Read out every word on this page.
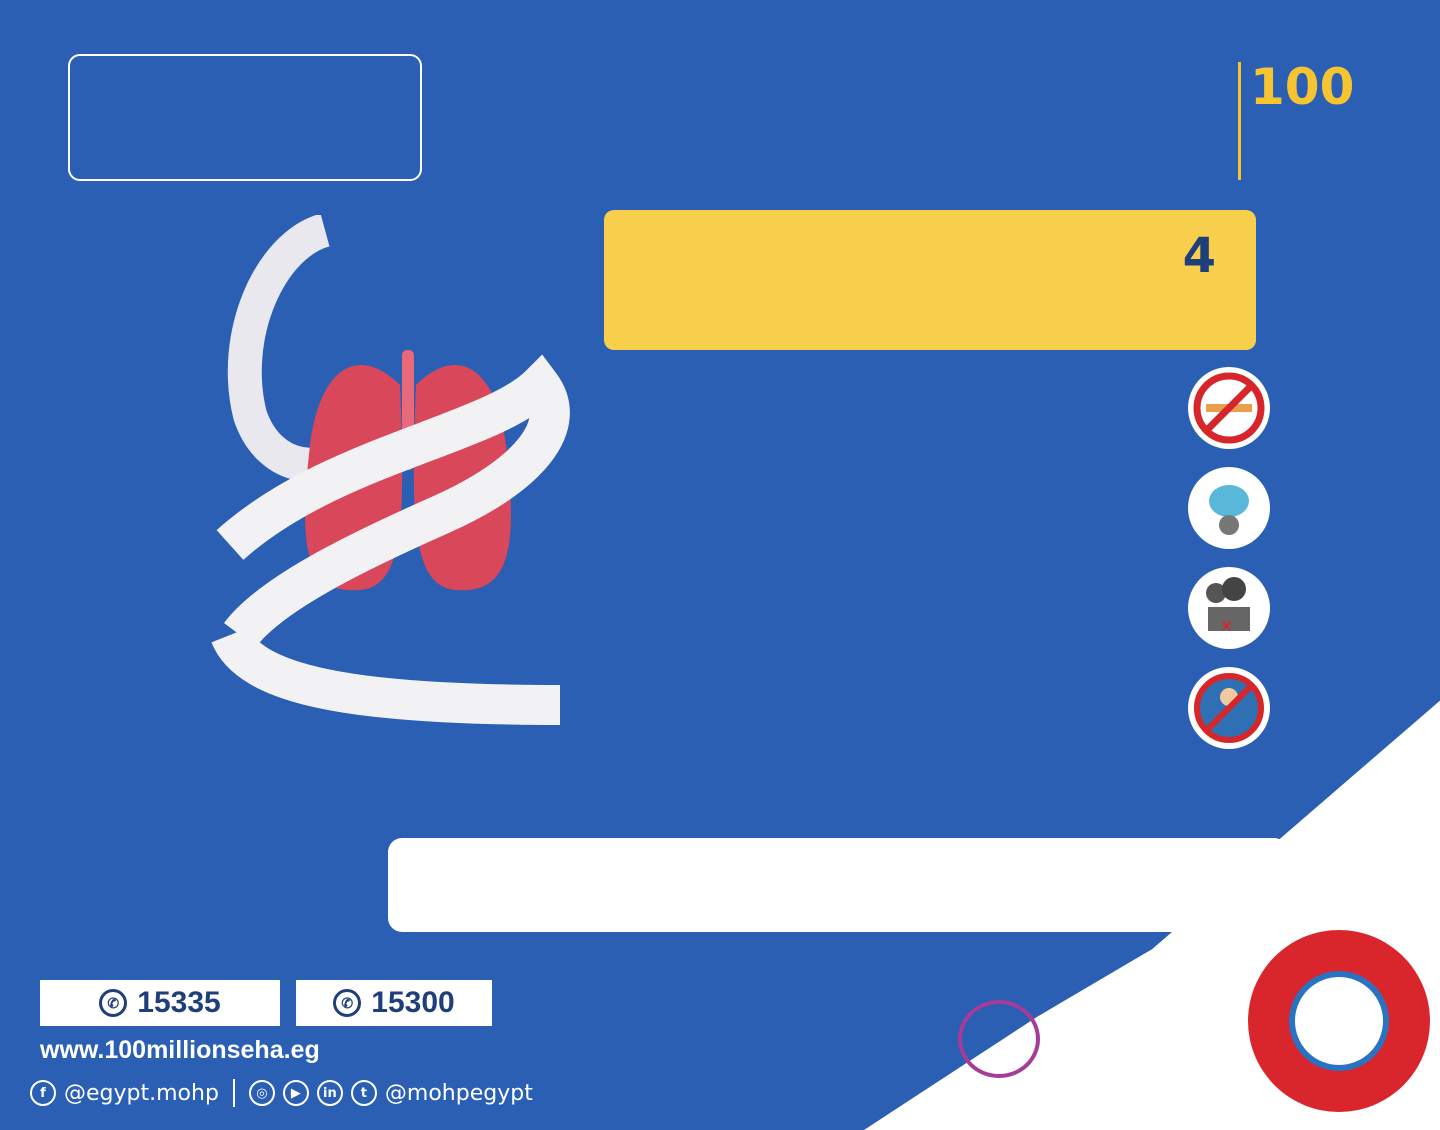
100
4
×
✆ 15335	✆ 15300
www.100millionseha.eg
f @egypt.mohp	◎	▶	in	t @mohpegypt
